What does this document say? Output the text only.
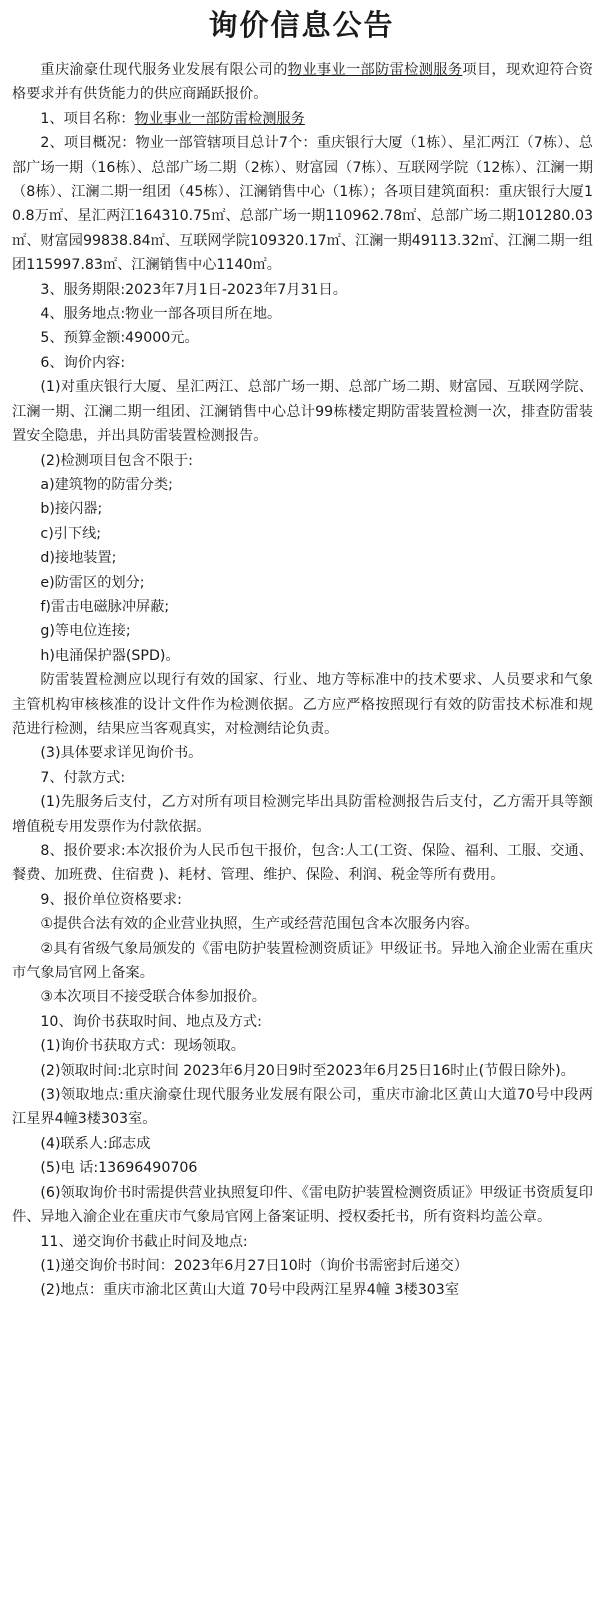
询价信息公告

重庆渝豪仕现代服务业发展有限公司的物业事业一部防雷检测服务项目，现欢迎符合资格要求并有供货能力的供应商踊跃报价。

1、项目名称：物业事业一部防雷检测服务

2、项目概况：物业一部管辖项目总计7个：重庆银行大厦（1栋）、星汇两江（7栋）、总部广场一期（16栋）、总部广场二期（2栋）、财富园（7栋）、互联网学院（12栋）、江澜一期（8栋）、江澜二期一组团（45栋）、江澜销售中心（1栋）；各项目建筑面积：重庆银行大厦10.8万㎡、星汇两江164310.75㎡、总部广场一期110962.78㎡、总部广场二期101280.03㎡、财富园99838.84㎡、互联网学院109320.17㎡、江澜一期49113.32㎡、江澜二期一组团115997.83㎡、江澜销售中心1140㎡。

3、服务期限:2023年7月1日-2023年7月31日。

4、服务地点:物业一部各项目所在地。

5、预算金额:49000元。

6、询价内容:

(1)对重庆银行大厦、星汇两江、总部广场一期、总部广场二期、财富园、互联网学院、江澜一期、江澜二期一组团、江澜销售中心总计99栋楼定期防雷装置检测一次，排查防雷装置安全隐患，并出具防雷装置检测报告。

(2)检测项目包含不限于:

a)建筑物的防雷分类;

b)接闪器;

c)引下线;

d)接地装置;

e)防雷区的划分;

f)雷击电磁脉冲屏蔽;

g)等电位连接;

h)电涌保护器(SPD)。

防雷装置检测应以现行有效的国家、行业、地方等标准中的技术要求、人员要求和气象主管机构审核核准的设计文件作为检测依据。乙方应严格按照现行有效的防雷技术标准和规范进行检测，结果应当客观真实，对检测结论负责。

(3)具体要求详见询价书。

7、付款方式:

(1)先服务后支付，乙方对所有项目检测完毕出具防雷检测报告后支付，乙方需开具等额增值税专用发票作为付款依据。

8、报价要求:本次报价为人民币包干报价，包含:人工(工资、保险、福利、工服、交通、餐费、加班费、住宿费 )、耗材、管理、维护、保险、利润、税金等所有费用。

9、报价单位资格要求:

①提供合法有效的企业营业执照，生产或经营范围包含本次服务内容。

②具有省级气象局颁发的《雷电防护装置检测资质证》甲级证书。异地入渝企业需在重庆市气象局官网上备案。

③本次项目不接受联合体参加报价。

10、询价书获取时间、地点及方式:

(1)询价书获取方式：现场领取。

(2)领取时间:北京时间 2023年6月20日9时至2023年6月25日16时止(节假日除外)。

(3)领取地点:重庆渝豪仕现代服务业发展有限公司，重庆市渝北区黄山大道70号中段两江星界4幢3楼303室。

(4)联系人:邱志成

(5)电 话:13696490706

(6)领取询价书时需提供营业执照复印件、《雷电防护装置检测资质证》甲级证书资质复印件、异地入渝企业在重庆市气象局官网上备案证明、授权委托书，所有资料均盖公章。

11、递交询价书截止时间及地点:

(1)递交询价书时间：2023年6月27日10时（询价书需密封后递交）

(2)地点：重庆市渝北区黄山大道 70号中段两江星界4幢 3楼303室
